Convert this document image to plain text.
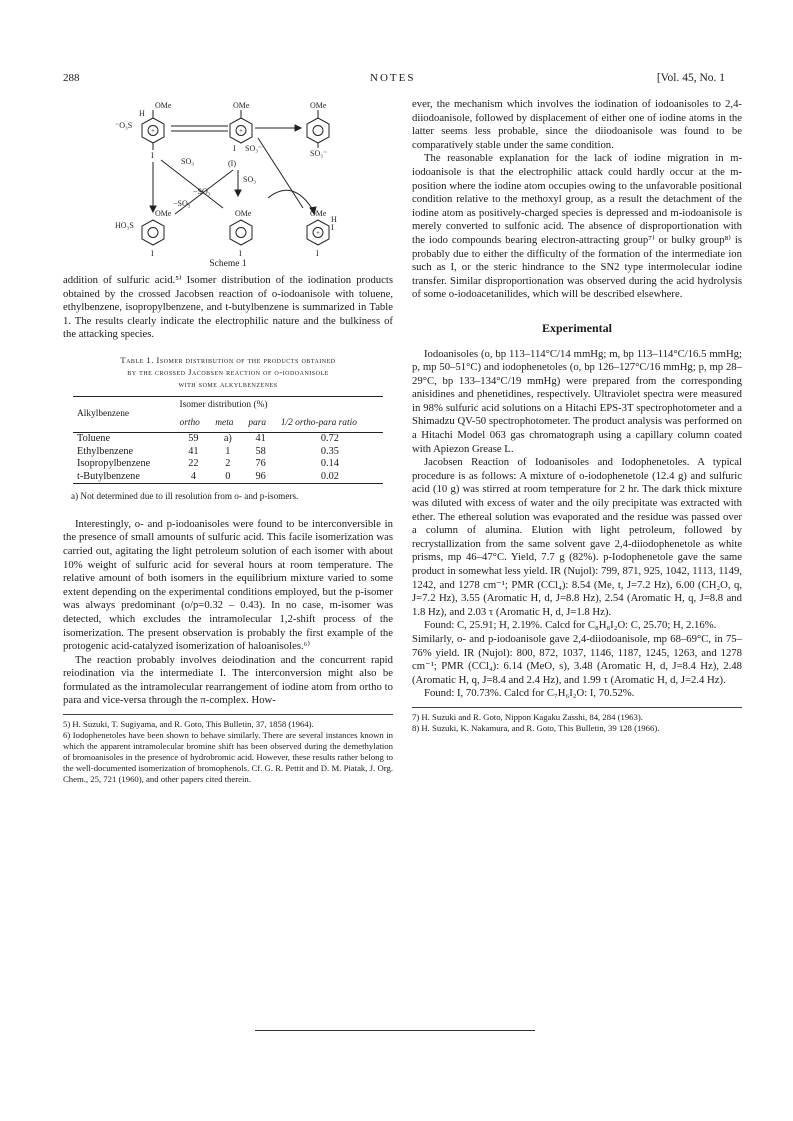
288	NOTES	[Vol. 45, No. 1
+
OMe
⁻O₃S
H
I
+
OMe
SO₃⁻
I
(I)
OMe
SO₃⁻
SO₃
SO₃
−SO₃
−SO₃
OMe
HO₃S
I
OMe
I
+
OMe
H
I
I
Scheme 1

addition of sulfuric acid.⁵⁾ Isomer distribution of the iodination products obtained by the crossed Jacobsen reaction of o-iodoanisole with toluene, ethylbenzene, isopropylbenzene, and t-butylbenzene is summarized in Table 1. The results clearly indicate the electrophilic nature and the bulkiness of the attacking species.

Table 1. Isomer distribution of the products obtained
by the crossed Jacobsen reaction of o-iodoanisole
with some alkylbenzenes
Alkylbenzene	Isomer distribution (%)			
	ortho	meta	para	1/2 ortho-para ratio
Toluene	59	a)	41	0.72
Ethylbenzene	41	1	58	0.35
Isopropylbenzene	22	2	76	0.14
t-Butylbenzene	4	0	96	0.02

a) Not determined due to ill resolution from o- and p-isomers.

Interestingly, o- and p-iodoanisoles were found to be interconversible in the presence of small amounts of sulfuric acid. This facile isomerization was carried out, agitating the light petroleum solution of each isomer with about 10% weight of sulfuric acid for several hours at room temperature. The relative amount of both isomers in the equilibrium mixture varied to some extent depending on the experimental conditions employed, but the p-isomer was always predominant (o/p=0.32 – 0.43). In no case, m-isomer was detected, which excludes the intramolecular 1,2-shift process of the isomerization. The present observation is probably the first example of the protogenic acid-catalyzed isomerization of haloanisoles.⁶⁾

The reaction probably involves deiodination and the concurrent rapid reiodination via the intermediate I. The interconversion might also be formulated as the intramolecular rearrangement of iodine atom from ortho to para and vice-versa through the π-complex. How-

5) H. Suzuki, T. Sugiyama, and R. Goto, This Bulletin, 37, 1858 (1964).

6) Iodophenetoles have been shown to behave similarly. There are several instances known in which the apparent intramolecular bromine shift has been observed during the demethylation of bromoanisoles in the presence of hydrobromic acid. However, these results rather belong to the well-documented isomerization of bromophenols. Cf. G. R. Pettit and D. M. Piatak, J. Org. Chem., 25, 721 (1960), and other papers cited therein.

ever, the mechanism which involves the iodination of iodoanisoles to 2,4-diiodoanisole, followed by displacement of either one of iodine atoms in the latter seems less probable, since the diiodoanisole was found to be comparatively stable under the same condition.

The reasonable explanation for the lack of iodine migration in m-iodoanisole is that the electrophilic attack could hardly occur at the m-position where the iodine atom occupies owing to the unfavorable positional condition relative to the methoxyl group, as a result the detachment of the iodine atom as positively-charged species is depressed and m-iodoanisole is merely converted to sulfonic acid. The absence of disproportionation with the iodo compounds bearing electron-attracting group⁷⁾ or bulky group⁸⁾ is probably due to either the difficulty of the formation of the intermediate ion such as I, or the steric hindrance to the SN2 type intermolecular iodine transfer. Similar disproportionation was observed during the acid hydrolysis of some o-iodoacetanilides, which will be described elsewhere.

Experimental

Iodoanisoles (o, bp 113–114°C/14 mmHg; m, bp 113–114°C/16.5 mmHg; p, mp 50–51°C) and iodophenetoles (o, bp 126–127°C/16 mmHg; p, mp 28–29°C, bp 133–134°C/19 mmHg) were prepared from the corresponding anisidines and phenetidines, respectively. Ultraviolet spectra were measured in 98% sulfuric acid solutions on a Hitachi EPS-3T spectrophotometer and a Shimadzu QV-50 spectrophotometer. The product analysis was performed on a Hitachi Model 063 gas chromatograph using a capillary column coated with Apiezon Grease L.

Jacobsen Reaction of Iodoanisoles and Iodophenetoles. A typical procedure is as follows: A mixture of o-iodophenetole (12.4 g) and sulfuric acid (10 g) was stirred at room temperature for 2 hr. The dark thick mixture was diluted with excess of water and the oily precipitate was extracted with ether. The ethereal solution was evaporated and the residue was passed over a column of alumina. Elution with light petroleum, followed by recrystallization from the same solvent gave 2,4-diiodophenetole as white prisms, mp 46–47°C. Yield, 7.7 g (82%). p-Iodophenetole gave the same product in somewhat less yield. IR (Nujol): 799, 871, 925, 1042, 1113, 1149, 1242, and 1278 cm⁻¹; PMR (CCl₄): 8.54 (Me, t, J=7.2 Hz), 6.00 (CH₂O, q, J=7.2 Hz), 3.55 (Aromatic H, d, J=8.8 Hz), 2.54 (Aromatic H, q, J=8.8 and 1.8 Hz), and 2.03 τ (Aromatic H, d, J=1.8 Hz).

Found: C, 25.91; H, 2.19%. Calcd for C₈H₈I₂O: C, 25.70; H, 2.16%.

Similarly, o- and p-iodoanisole gave 2,4-diiodoanisole, mp 68–69°C, in 75–76% yield. IR (Nujol): 800, 872, 1037, 1146, 1187, 1245, 1263, and 1278 cm⁻¹; PMR (CCl₄): 6.14 (MeO, s), 3.48 (Aromatic H, d, J=8.4 Hz), 2.48 (Aromatic H, q, J=8.4 and 2.4 Hz), and 1.99 τ (Aromatic H, d, J=2.4 Hz).

Found: I, 70.73%. Calcd for C₇H₆I₂O: I, 70.52%.

7) H. Suzuki and R. Goto, Nippon Kagaku Zasshi, 84, 284 (1963).

8) H. Suzuki, K. Nakamura, and R. Goto, This Bulletin, 39 128 (1966).
